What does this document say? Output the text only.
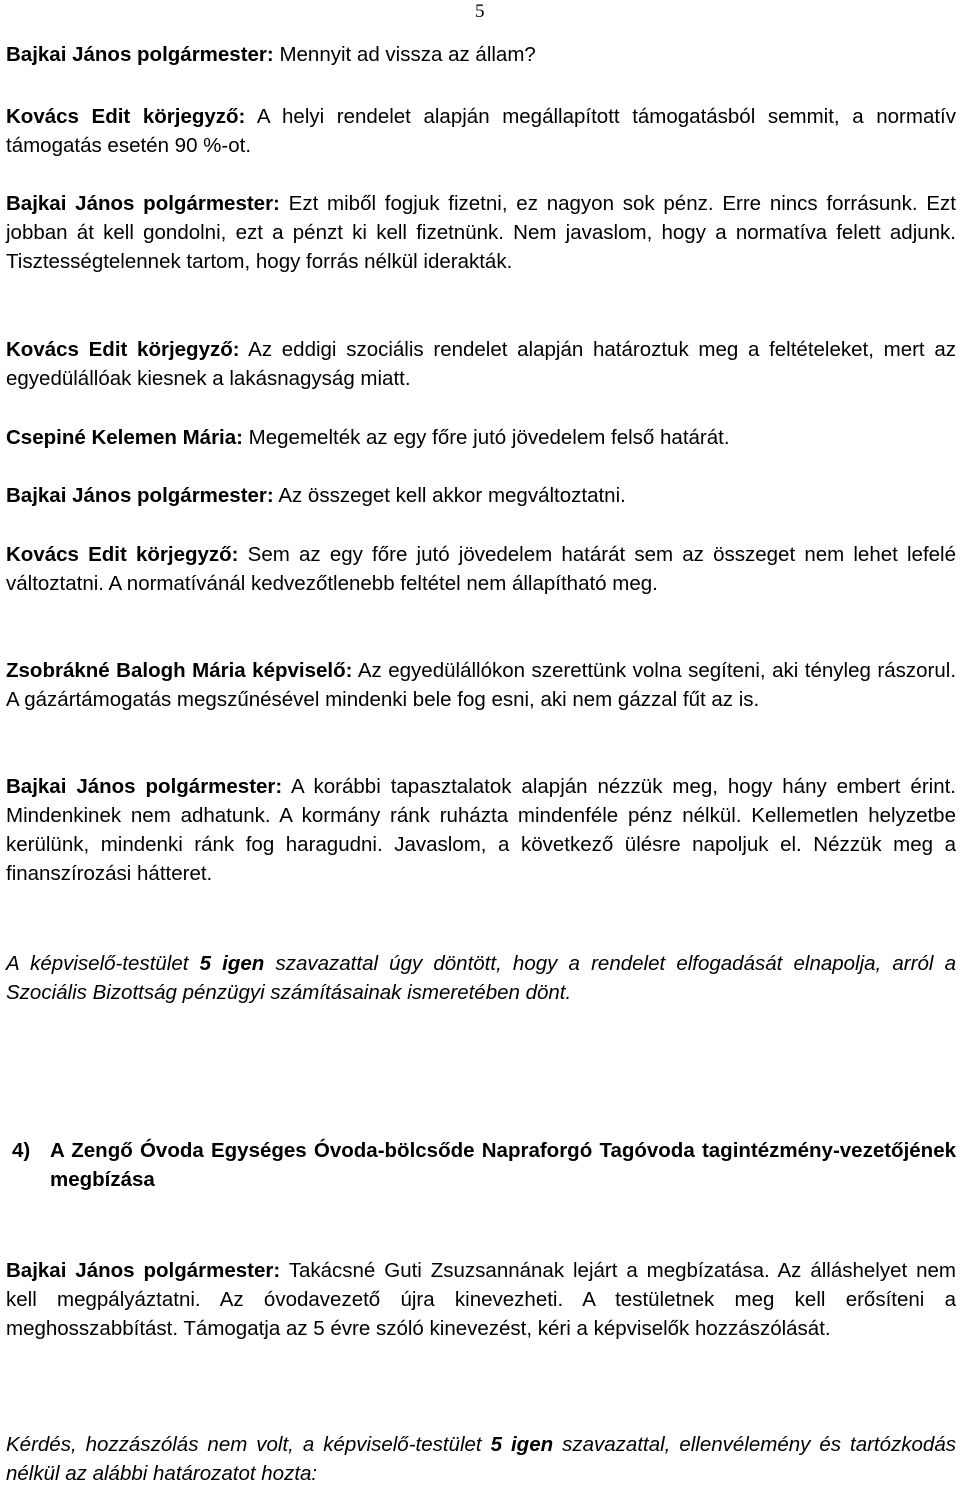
5

Bajkai János polgármester: Mennyit ad vissza az állam?

Kovács Edit körjegyző: A helyi rendelet alapján megállapított támogatásból semmit, a normatív támogatás esetén 90 %-ot.

Bajkai János polgármester: Ezt miből fogjuk fizetni, ez nagyon sok pénz. Erre nincs forrásunk. Ezt jobban át kell gondolni, ezt a pénzt ki kell fizetnünk. Nem javaslom, hogy a normatíva felett adjunk. Tisztességtelennek tartom, hogy forrás nélkül iderakták.

Kovács Edit körjegyző: Az eddigi szociális rendelet alapján határoztuk meg a feltételeket, mert az egyedülállóak kiesnek a lakásnagyság miatt.

Csepiné Kelemen Mária: Megemelték az egy főre jutó jövedelem felső határát.

Bajkai János polgármester: Az összeget kell akkor megváltoztatni.

Kovács Edit körjegyző: Sem az egy főre jutó jövedelem határát sem az összeget nem lehet lefelé változtatni. A normatívánál kedvezőtlenebb feltétel nem állapítható meg.

Zsobrákné Balogh Mária képviselő: Az egyedülállókon szerettünk volna segíteni, aki tényleg rászorul. A gázártámogatás megszűnésével mindenki bele fog esni, aki nem gázzal fűt az is.

Bajkai János polgármester: A korábbi tapasztalatok alapján nézzük meg, hogy hány embert érint. Mindenkinek nem adhatunk. A kormány ránk ruházta mindenféle pénz nélkül. Kellemetlen helyzetbe kerülünk, mindenki ránk fog haragudni. Javaslom, a következő ülésre napoljuk el. Nézzük meg a finanszírozási hátteret.

A képviselő-testület 5 igen szavazattal úgy döntött, hogy a rendelet elfogadását elnapolja, arról a Szociális Bizottság pénzügyi számításainak ismeretében dönt.

4) A Zengő Óvoda Egységes Óvoda-bölcsőde Napraforgó Tagóvoda tagintézmény-vezetőjének megbízása

Bajkai János polgármester: Takácsné Guti Zsuzsannának lejárt a megbízatása. Az álláshelyet nem kell megpályáztatni. Az óvodavezető újra kinevezheti. A testületnek meg kell erősíteni a meghosszabbítást. Támogatja az 5 évre szóló kinevezést, kéri a képviselők hozzászólását.

Kérdés, hozzászólás nem volt, a képviselő-testület 5 igen szavazattal, ellenvélemény és tartózkodás nélkül az alábbi határozatot hozta:
